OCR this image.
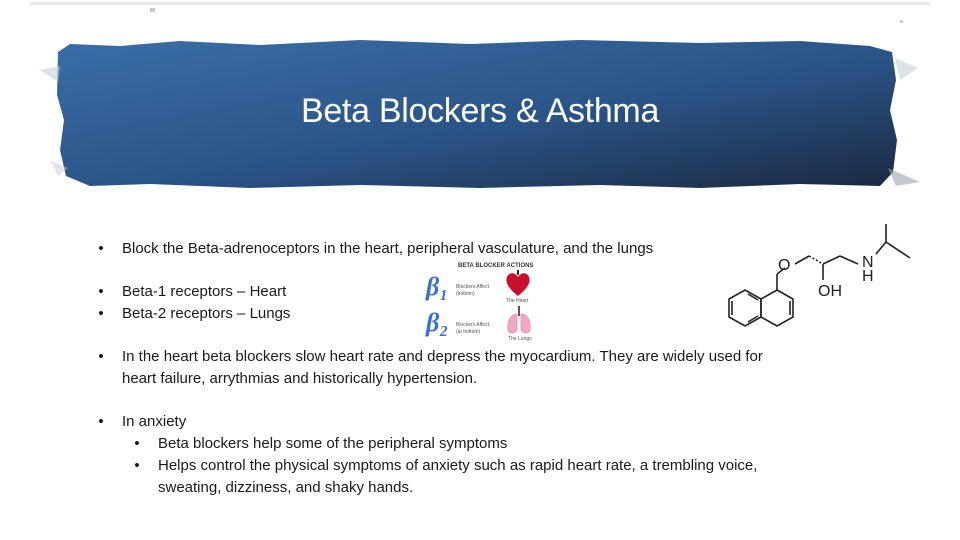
Beta Blockers & Asthma
• Block the Beta-adrenoceptors in the heart, peripheral vasculature, and the lungs
• Beta-1 receptors – Heart
• Beta-2 receptors – Lungs
• In the heart beta blockers slow heart rate and depress the myocardium. They are widely used for
heart failure, arrythmias and historically hypertension.
• In anxiety
• Beta blockers help some of the peripheral symptoms
• Helps control the physical symptoms of anxiety such as rapid heart rate, a trembling voice,
sweating, dizziness, and shaky hands.
BETA BLOCKER ACTIONS
β₁ Blockers Affect
(bottom)
The Heart
β₂ Blockers Affect
(at bottom)
The Lungs
O	N
H
OH
